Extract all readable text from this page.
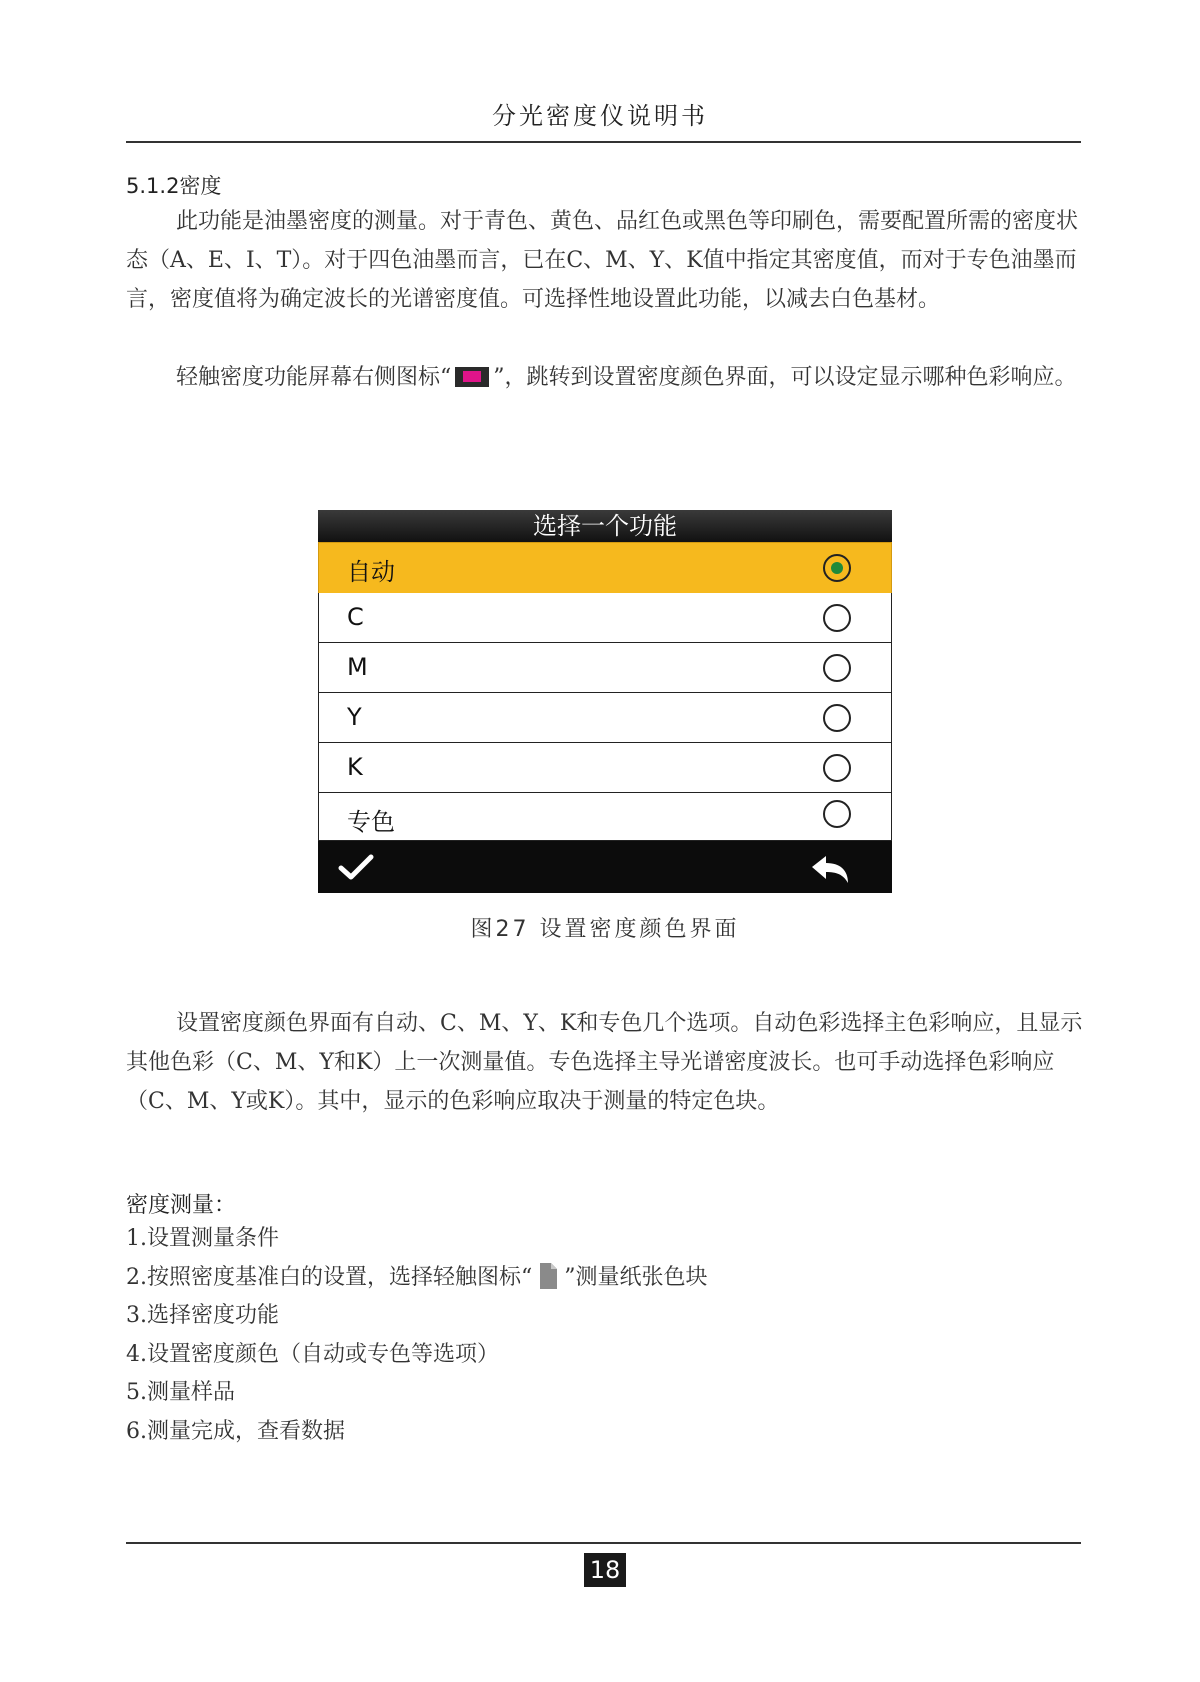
分光密度仪说明书
5.1.2密度

此功能是油墨密度的测量。对于青色、黄色、品红色或黑色等印刷色，需要配置所需的密度状态（A、E、I、T）。对于四色油墨而言，已在C、M、Y、K值中指定其密度值，而对于专色油墨而言，密度值将为确定波长的光谱密度值。可选择性地设置此功能，以减去白色基材。

轻触密度功能屏幕右侧图标“ ”，跳转到设置密度颜色界面，可以设定显示哪种色彩响应。

选择一个功能
自动
C
M
Y
K
专色
图27 设置密度颜色界面

设置密度颜色界面有自动、C、M、Y、K和专色几个选项。自动色彩选择主色彩响应，且显示其他色彩（C、M、Y和K）上一次测量值。专色选择主导光谱密度波长。也可手动选择色彩响应（C、M、Y或K）。其中，显示的色彩响应取决于测量的特定色块。

密度测量：
1.设置测量条件
2.按照密度基准白的设置，选择轻触图标“ ”测量纸张色块
3.选择密度功能
4.设置密度颜色（自动或专色等选项）
5.测量样品
6.测量完成，查看数据
18
